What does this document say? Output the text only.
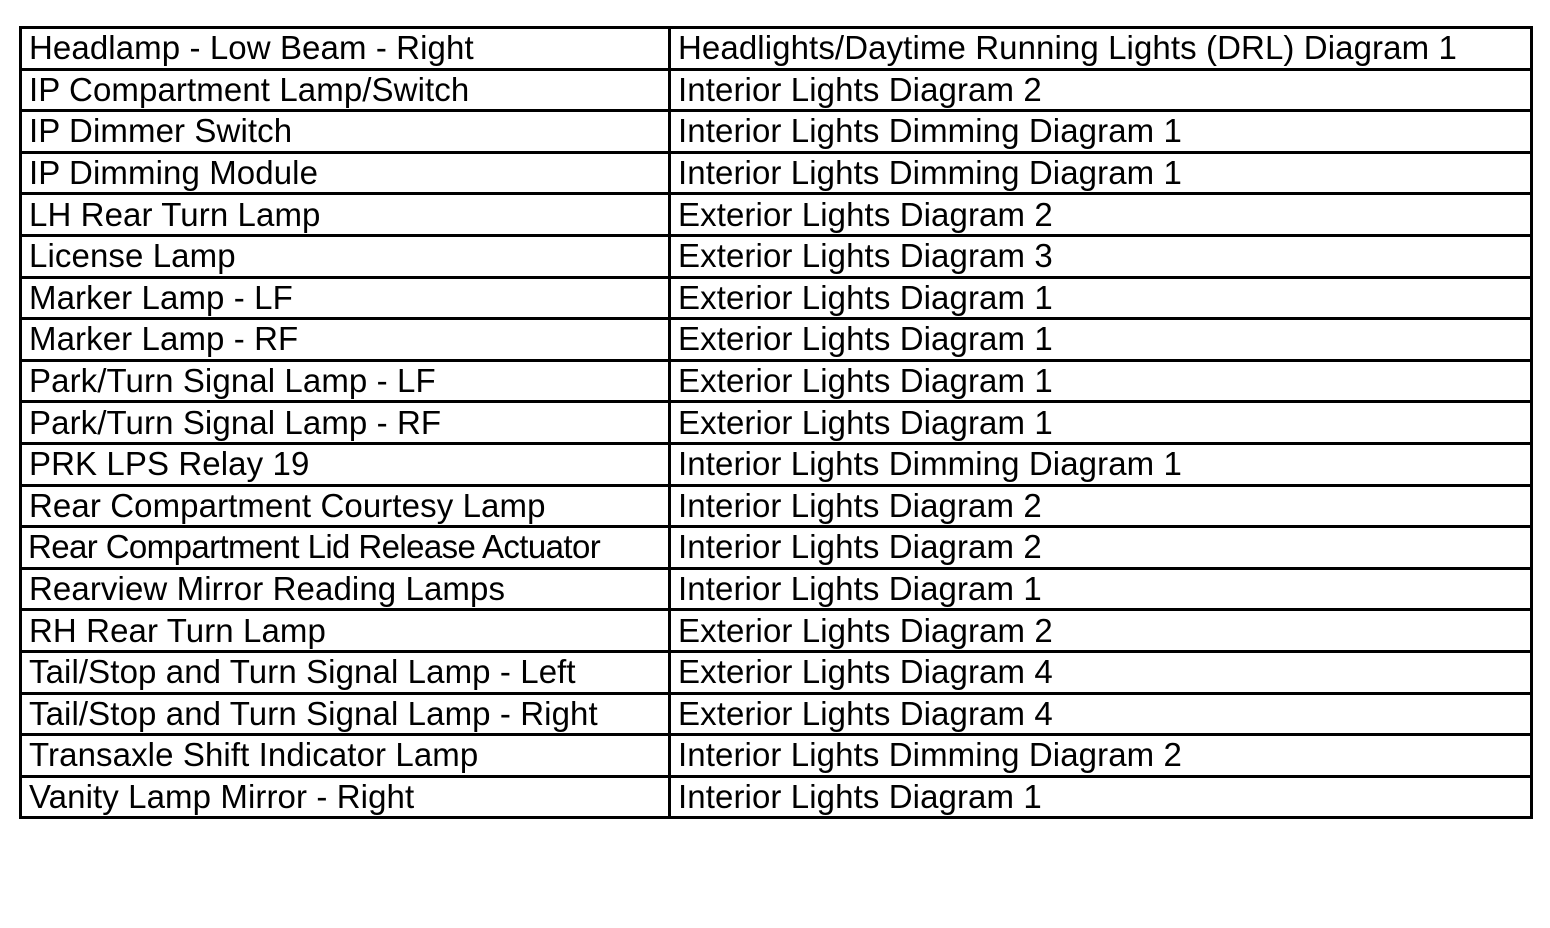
Headlamp - Low Beam - Right	Headlights/Daytime Running Lights (DRL) Diagram 1
IP Compartment Lamp/Switch	Interior Lights Diagram 2
IP Dimmer Switch	Interior Lights Dimming Diagram 1
IP Dimming Module	Interior Lights Dimming Diagram 1
LH Rear Turn Lamp	Exterior Lights Diagram 2
License Lamp	Exterior Lights Diagram 3
Marker Lamp - LF	Exterior Lights Diagram 1
Marker Lamp - RF	Exterior Lights Diagram 1
Park/Turn Signal Lamp - LF	Exterior Lights Diagram 1
Park/Turn Signal Lamp - RF	Exterior Lights Diagram 1
PRK LPS Relay 19	Interior Lights Dimming Diagram 1
Rear Compartment Courtesy Lamp	Interior Lights Diagram 2
Rear Compartment Lid Release Actuator	Interior Lights Diagram 2
Rearview Mirror Reading Lamps	Interior Lights Diagram 1
RH Rear Turn Lamp	Exterior Lights Diagram 2
Tail/Stop and Turn Signal Lamp - Left	Exterior Lights Diagram 4
Tail/Stop and Turn Signal Lamp - Right	Exterior Lights Diagram 4
Transaxle Shift Indicator Lamp	Interior Lights Dimming Diagram 2
Vanity Lamp Mirror - Right	Interior Lights Diagram 1
